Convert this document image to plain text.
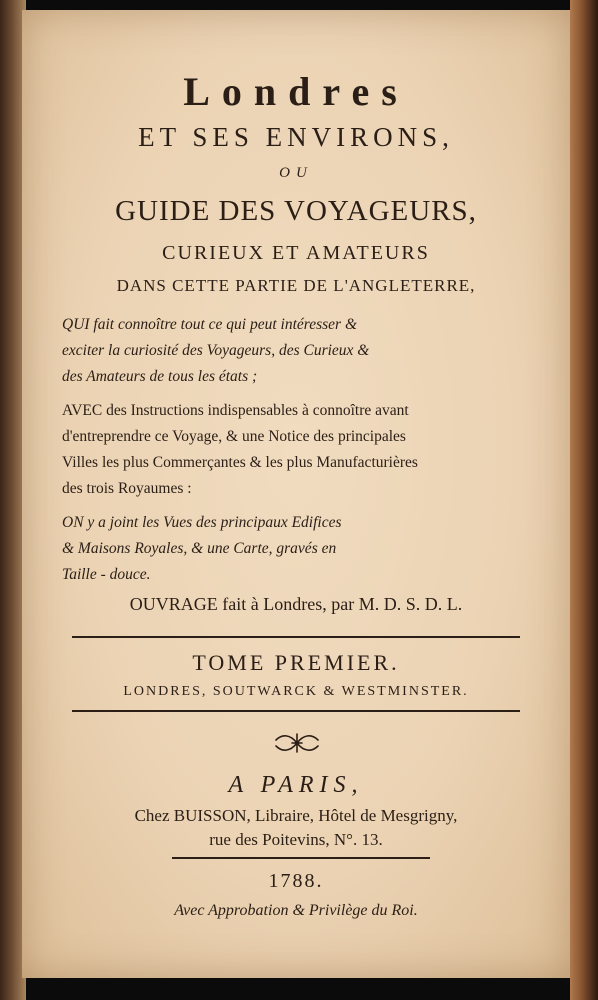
Londres
ET SES ENVIRONS,
OU
GUIDE DES VOYAGEURS,
CURIEUX ET AMATEURS
DANS CETTE PARTIE DE L'ANGLETERRE,
QUI fait connoître tout ce qui peut intéresser &
exciter la curiosité des Voyageurs, des Curieux &
des Amateurs de tous les états ;
AVEC des Instructions indispensables à connoître avant
d'entreprendre ce Voyage, & une Notice des principales
Villes les plus Commerçantes & les plus Manufacturières
des trois Royaumes :
ON y a joint les Vues des principaux Edifices
& Maisons Royales, & une Carte, gravés en
Taille - douce.
OUVRAGE fait à Londres, par M. D. S. D. L.
TOME PREMIER.
LONDRES, SOUTWARCK & WESTMINSTER.
A PARIS,
Chez BUISSON, Libraire, Hôtel de Mesgrigny,
rue des Poitevins, N°. 13.
1788.
Avec Approbation & Privilège du Roi.
